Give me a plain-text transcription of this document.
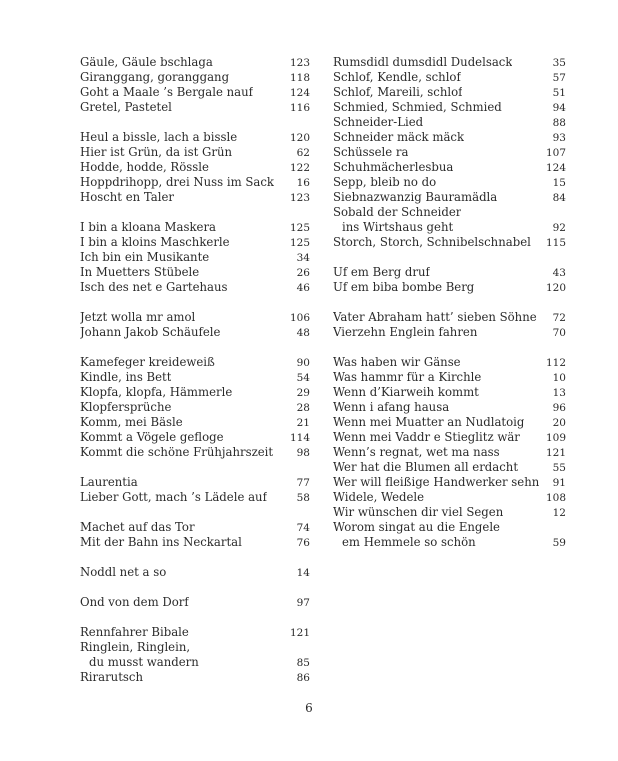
Gäule, Gäule bschlaga	123
Giranggang, goranggang	118
Goht a Maale ’s Bergale nauf	124
Gretel, Pastetel	116
Heul a bissle, lach a bissle	120
Hier ist Grün, da ist Grün	62
Hodde, hodde, Rössle	122
Hoppdrihopp, drei Nuss im Sack	16
Hoscht en Taler	123
I bin a kloana Maskera	125
I bin a kloins Maschkerle	125
Ich bin ein Musikante	34
In Muetters Stübele	26
Isch des net e Gartehaus	46
Jetzt wolla mr amol	106
Johann Jakob Schäufele	48
Kamefeger kreideweiß	90
Kindle, ins Bett	54
Klopfa, klopfa, Hämmerle	29
Klopfersprüche	28
Komm, mei Bäsle	21
Kommt a Vögele gefloge	114
Kommt die schöne Frühjahrszeit	98
Laurentia	77
Lieber Gott, mach ’s Lädele auf	58
Machet auf das Tor	74
Mit der Bahn ins Neckartal	76
Noddl net a so	14
Ond von dem Dorf	97
Rennfahrer Bibale	121
Ringlein, Ringlein,
du musst wandern	85
Rirarutsch	86
Rumsdidl dumsdidl Dudelsack	35
Schlof, Kendle, schlof	57
Schlof, Mareili, schlof	51
Schmied, Schmied, Schmied	94
Schneider-Lied	88
Schneider mäck mäck	93
Schüssele ra	107
Schuhmächerlesbua	124
Sepp, bleib no do	15
Siebnazwanzig Bauramädla	84
Sobald der Schneider
ins Wirtshaus geht	92
Storch, Storch, Schnibelschnabel	115
Uf em Berg druf	43
Uf em biba bombe Berg	120
Vater Abraham hatt’ sieben Söhne	72
Vierzehn Englein fahren	70
Was haben wir Gänse	112
Was hammr für a Kirchle	10
Wenn d’Kiarweih kommt	13
Wenn i afang hausa	96
Wenn mei Muatter an Nudlatoig	20
Wenn mei Vaddr e Stieglitz wär	109
Wenn’s regnat, wet ma nass	121
Wer hat die Blumen all erdacht	55
Wer will fleißige Handwerker sehn	91
Widele, Wedele	108
Wir wünschen dir viel Segen	12
Worom singat au die Engele
em Hemmele so schön	59
6
